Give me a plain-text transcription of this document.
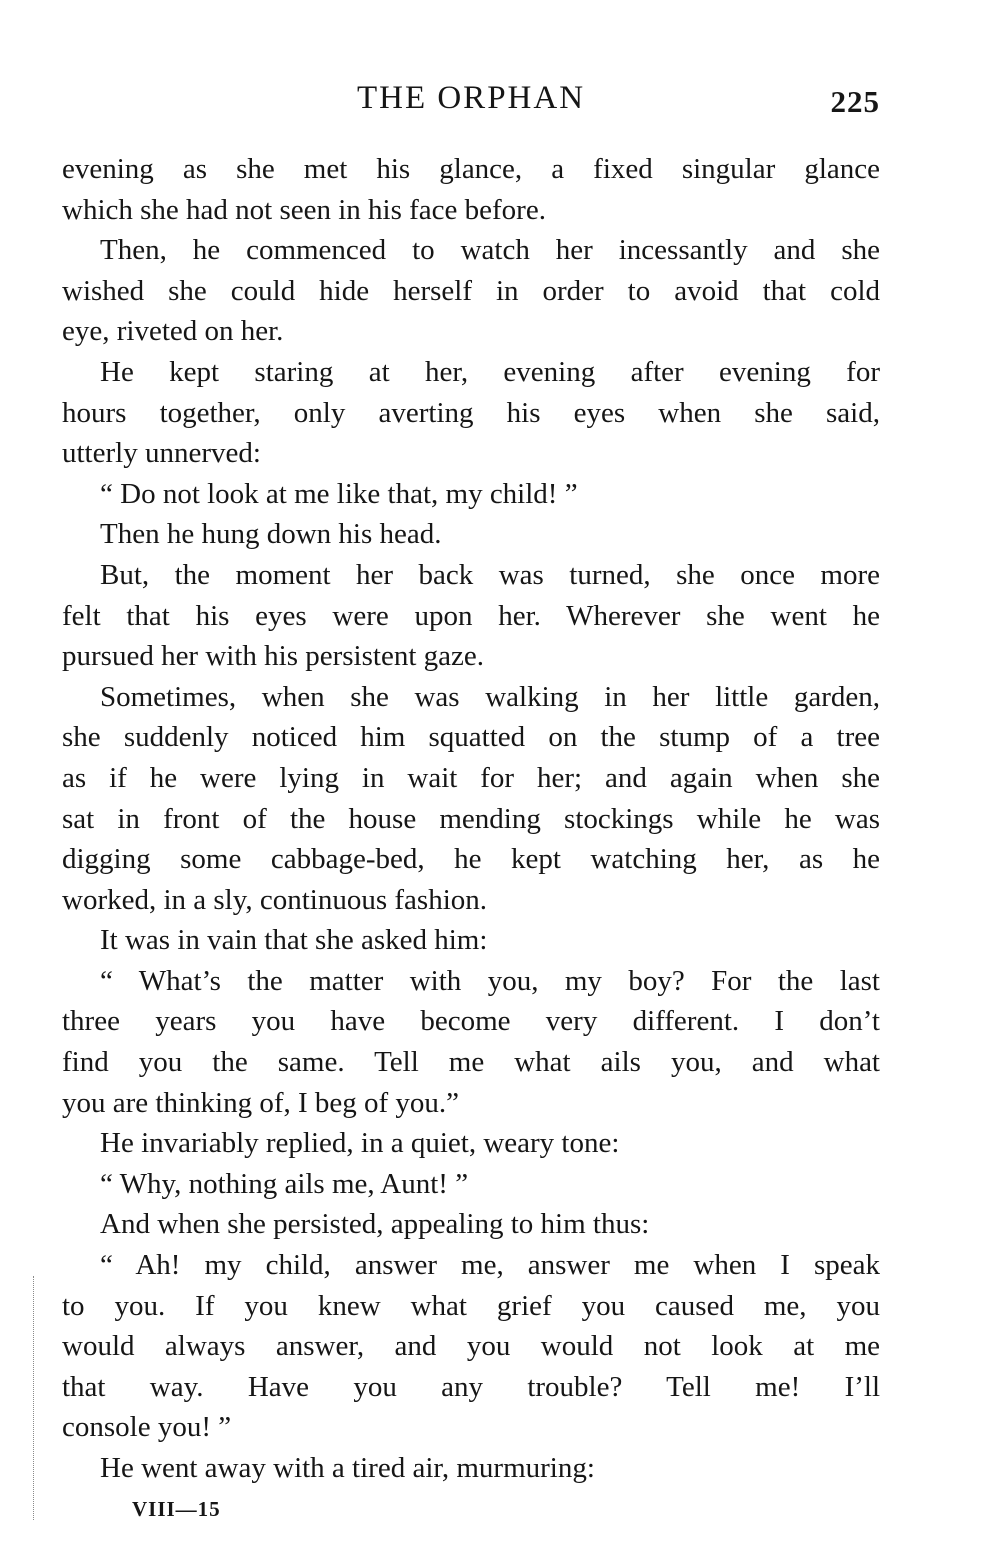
THE ORPHAN	225
evening as she met his glance, a fixed singular glance
which she had not seen in his face before.
Then, he commenced to watch her incessantly and she
wished she could hide herself in order to avoid that cold
eye, riveted on her.
He kept staring at her, evening after evening for
hours together, only averting his eyes when she said,
utterly unnerved:
“ Do not look at me like that, my child! ”
Then he hung down his head.
But, the moment her back was turned, she once more
felt that his eyes were upon her. Wherever she went he
pursued her with his persistent gaze.
Sometimes, when she was walking in her little garden,
she suddenly noticed him squatted on the stump of a tree
as if he were lying in wait for her; and again when she
sat in front of the house mending stockings while he was
digging some cabbage-bed, he kept watching her, as he
worked, in a sly, continuous fashion.
It was in vain that she asked him:
“ What’s the matter with you, my boy? For the last
three years you have become very different. I don’t
find you the same. Tell me what ails you, and what
you are thinking of, I beg of you.”
He invariably replied, in a quiet, weary tone:
“ Why, nothing ails me, Aunt! ”
And when she persisted, appealing to him thus:
“ Ah! my child, answer me, answer me when I speak
to you. If you knew what grief you caused me, you
would always answer, and you would not look at me
that way. Have you any trouble? Tell me! I’ll
console you! ”
He went away with a tired air, murmuring:
VIII—15
